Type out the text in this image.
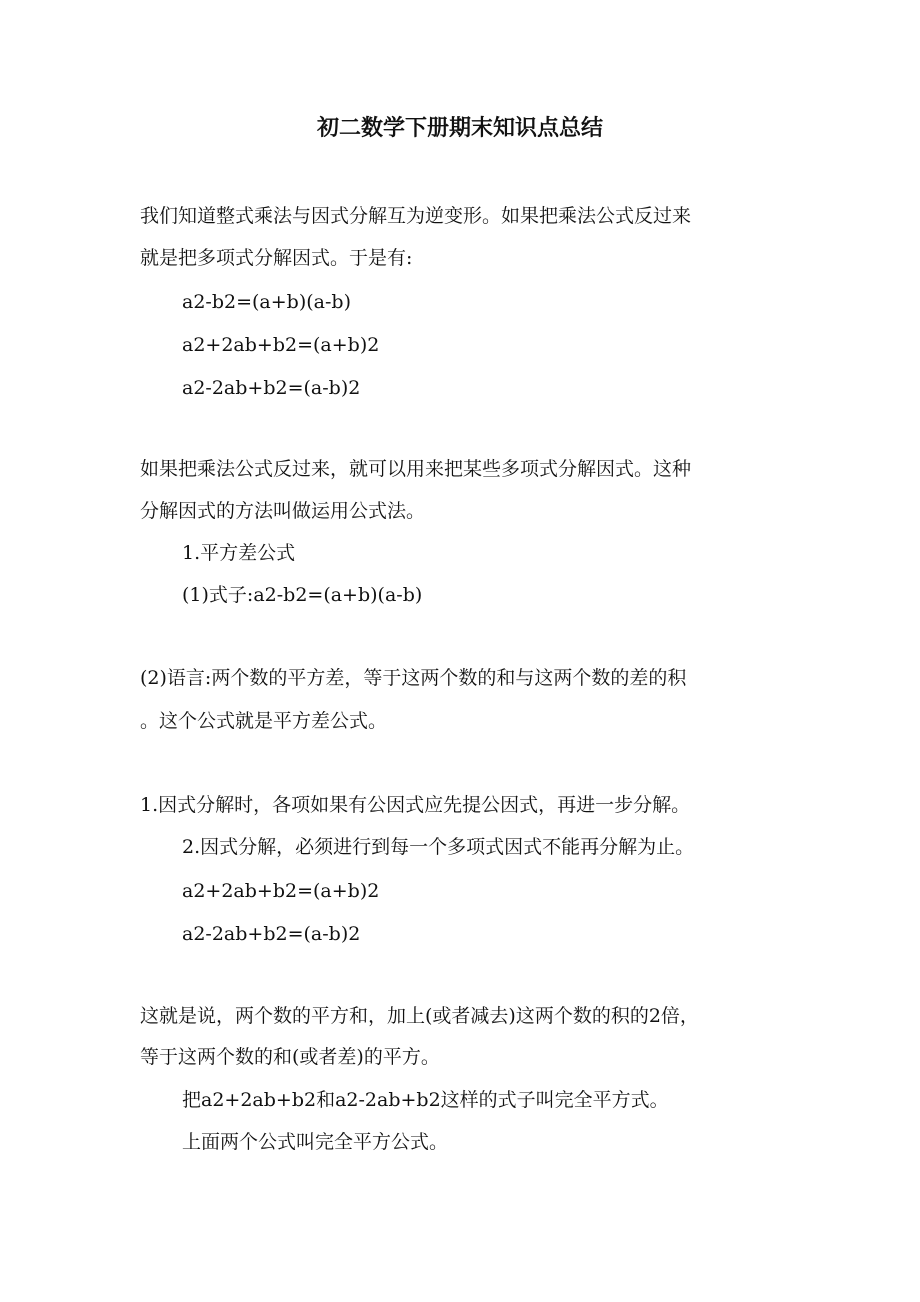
初二数学下册期末知识点总结

我们知道整式乘法与因式分解互为逆变形。如果把乘法公式反过来

就是把多项式分解因式。于是有:

a2-b2=(a+b)(a-b)

a2+2ab+b2=(a+b)2

a2-2ab+b2=(a-b)2

如果把乘法公式反过来，就可以用来把某些多项式分解因式。这种

分解因式的方法叫做运用公式法。

1.平方差公式

(1)式子:a2-b2=(a+b)(a-b)

(2)语言:两个数的平方差，等于这两个数的和与这两个数的差的积

。这个公式就是平方差公式。

1.因式分解时，各项如果有公因式应先提公因式，再进一步分解。

2.因式分解，必须进行到每一个多项式因式不能再分解为止。

a2+2ab+b2=(a+b)2

a2-2ab+b2=(a-b)2

这就是说，两个数的平方和，加上(或者减去)这两个数的积的2倍，

等于这两个数的和(或者差)的平方。

把a2+2ab+b2和a2-2ab+b2这样的式子叫完全平方式。

上面两个公式叫完全平方公式。
